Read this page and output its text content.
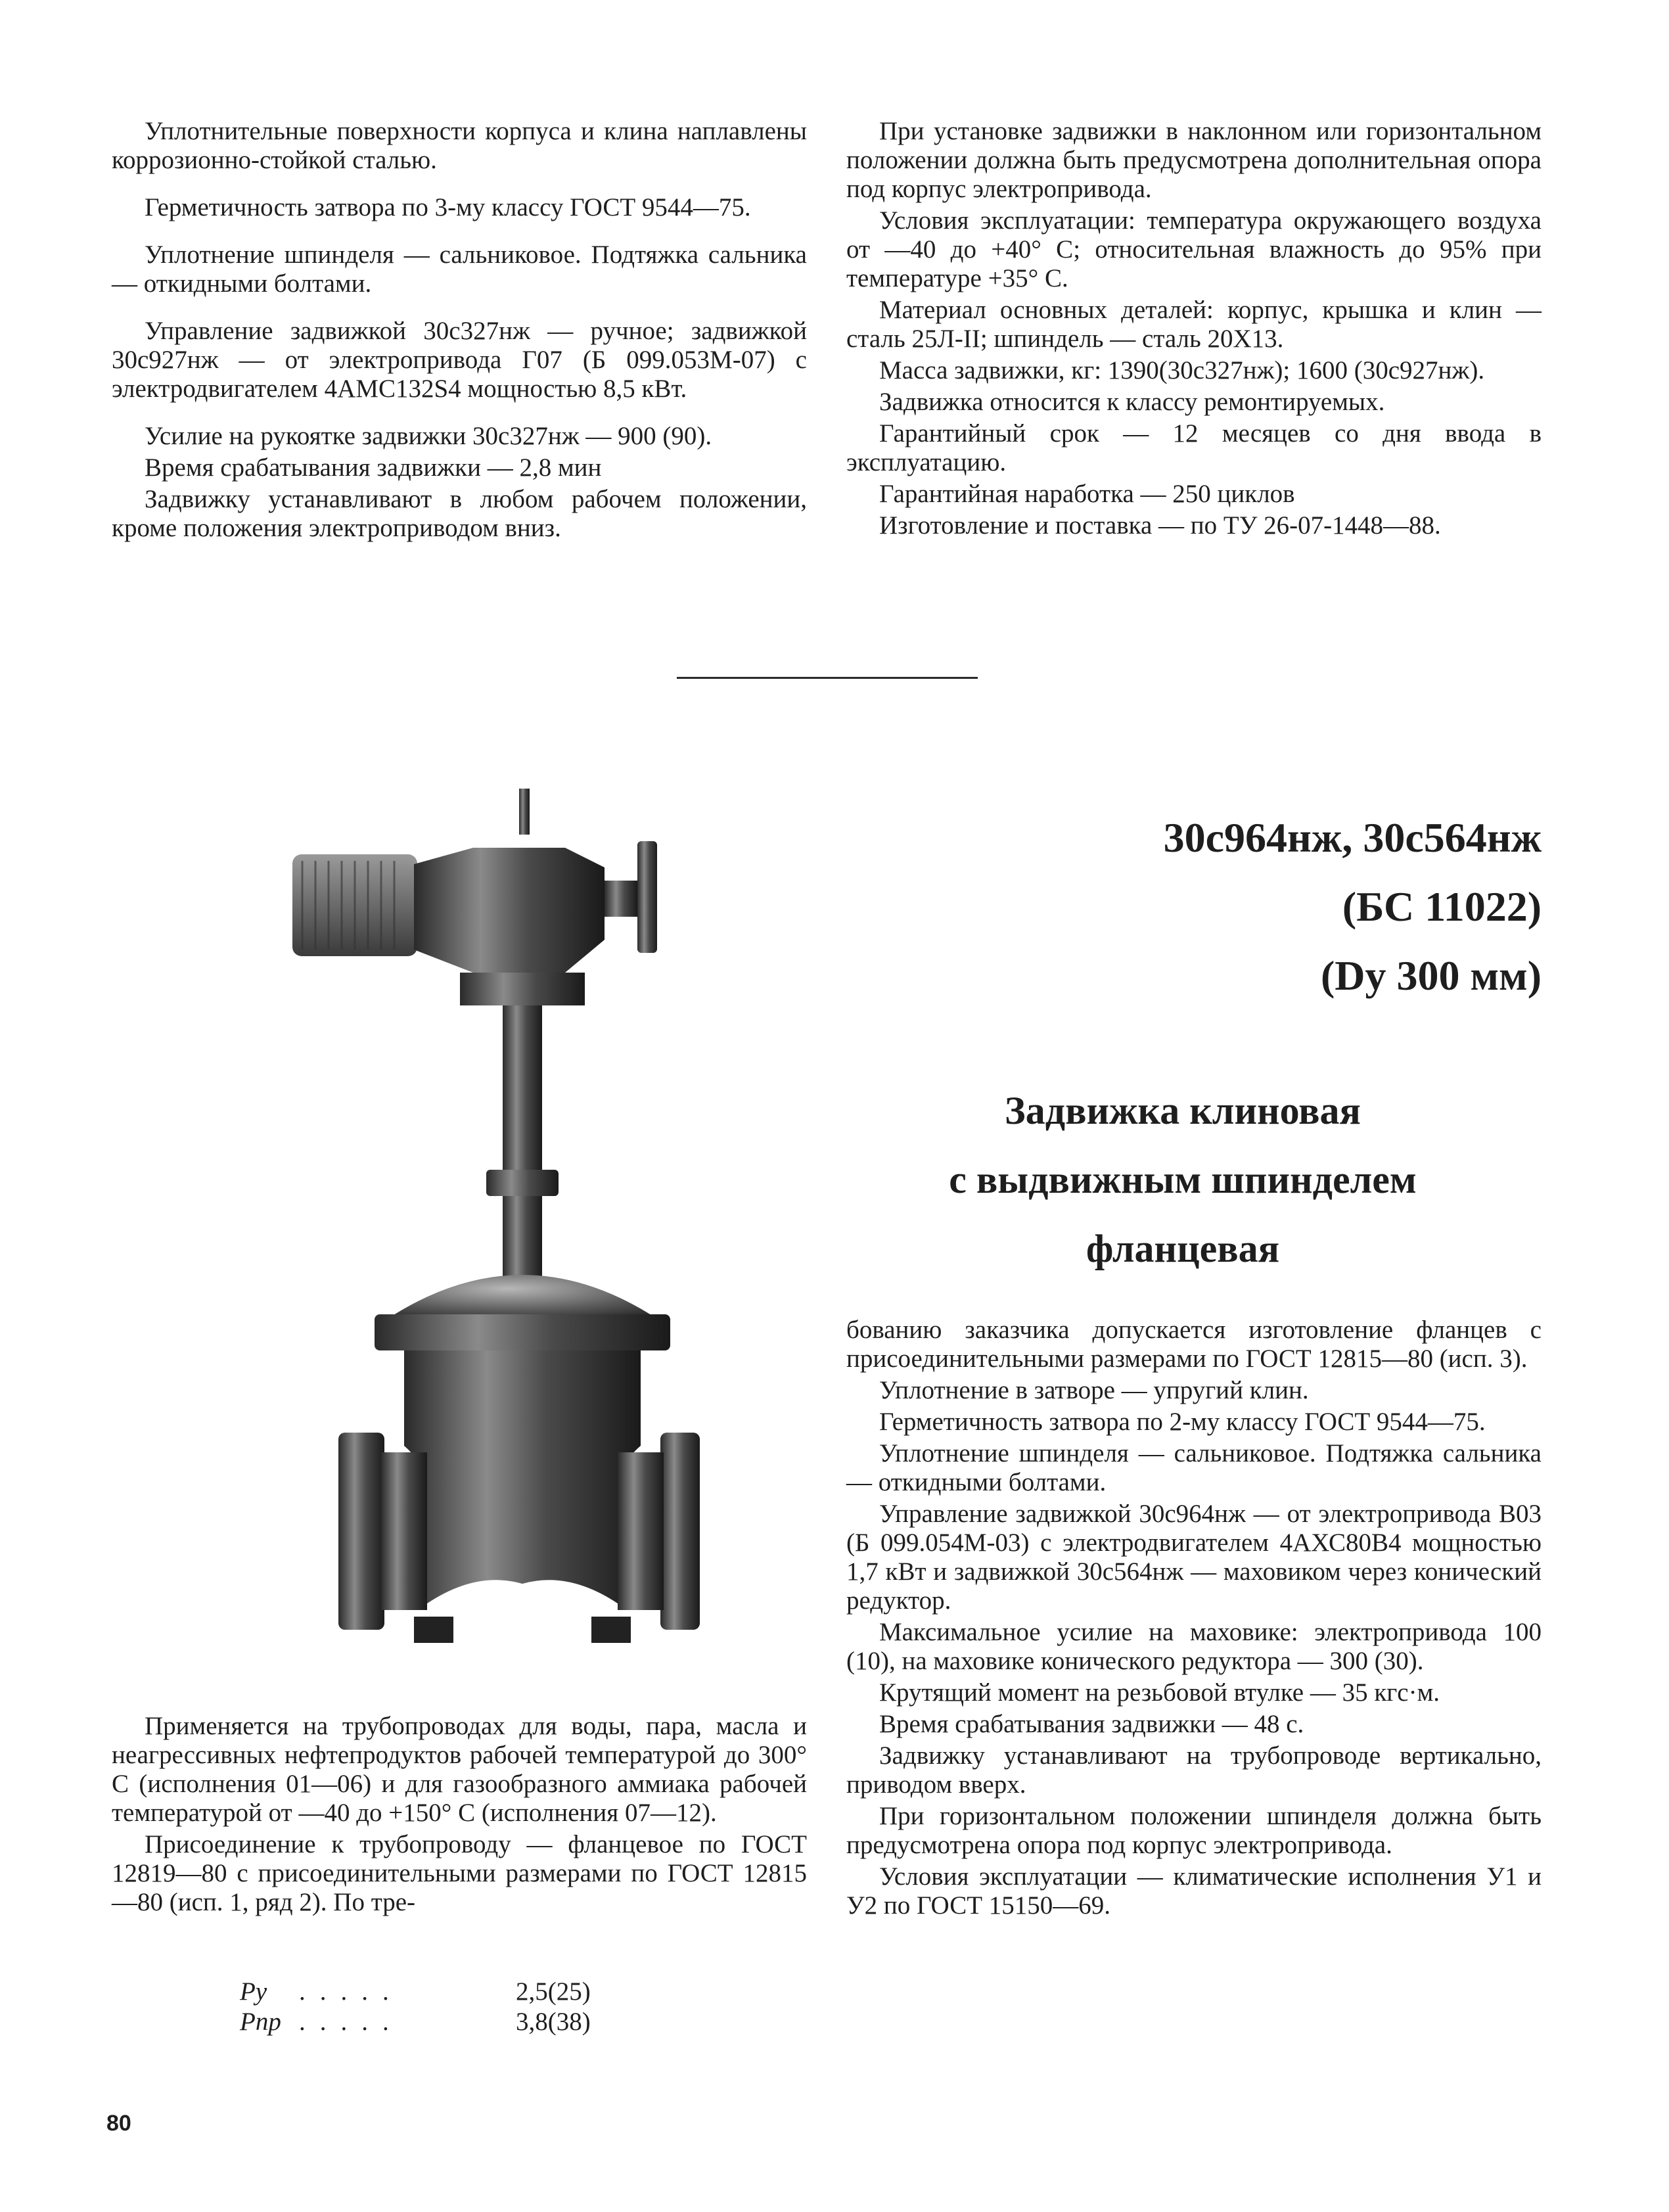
Уплотнительные поверхности корпуса и клина наплавлены коррозионно-стойкой сталью.

Герметичность затвора по 3-му классу ГОСТ 9544—75.

Уплотнение шпинделя — сальниковое. Подтяжка сальника — откидными болтами.

Управление задвижкой 30с327нж — ручное; задвижкой 30с927нж — от электропривода Г07 (Б 099.053М-07) с электродвигателем 4АМС132S4 мощностью 8,5 кВт.

Усилие на рукоятке задвижки 30с327нж — 900 (90).

Время срабатывания задвижки — 2,8 мин

Задвижку устанавливают в любом рабочем положении, кроме положения электроприводом вниз.

При установке задвижки в наклонном или горизонтальном положении должна быть предусмотрена дополнительная опора под корпус электропривода.

Условия эксплуатации: температура окружающего воздуха от —40 до +40° С; относительная влажность до 95% при температуре +35° С.

Материал основных деталей: корпус, крышка и клин — сталь 25Л-II; шпиндель — сталь 20Х13.

Масса задвижки, кг: 1390(30с327нж); 1600 (30с927нж).

Задвижка относится к классу ремонтируемых.

Гарантийный срок — 12 месяцев со дня ввода в эксплуатацию.

Гарантийная наработка — 250 циклов

Изготовление и поставка — по ТУ 26-07-1448—88.

30с964нж, 30с564нж
(БС 11022)
(Dу 300 мм)
Задвижка клиновая
с выдвижным шпинделем
фланцевая

Применяется на трубопроводах для воды, пара, масла и неагрессивных нефтепродуктов рабочей температурой до 300° С (исполнения 01—06) и для газообразного аммиака рабочей температурой от —40 до +150° С (исполнения 07—12).

Присоединение к трубопроводу — фланцевое по ГОСТ 12819—80 с присоединительными размерами по ГОСТ 12815—80 (исп. 1, ряд 2). По тре-

Pу	.....	2,5(25)
Pпр .....	3,8(38)
80

бованию заказчика допускается изготовление фланцев с присоединительными размерами по ГОСТ 12815—80 (исп. 3).

Уплотнение в затворе — упругий клин.

Герметичность затвора по 2-му классу ГОСТ 9544—75.

Уплотнение шпинделя — сальниковое. Подтяжка сальника — откидными болтами.

Управление задвижкой 30с964нж — от электропривода В03 (Б 099.054М-03) с электродвигателем 4АХС80В4 мощностью 1,7 кВт и задвижкой 30с564нж — маховиком через конический редуктор.

Максимальное усилие на маховике: электропривода 100 (10), на маховике конического редуктора — 300 (30).

Крутящий момент на резьбовой втулке — 35 кгс·м.

Время срабатывания задвижки — 48 с.

Задвижку устанавливают на трубопроводе вертикально, приводом вверх.

При горизонтальном положении шпинделя должна быть предусмотрена опора под корпус электропривода.

Условия эксплуатации — климатические исполнения У1 и У2 по ГОСТ 15150—69.
